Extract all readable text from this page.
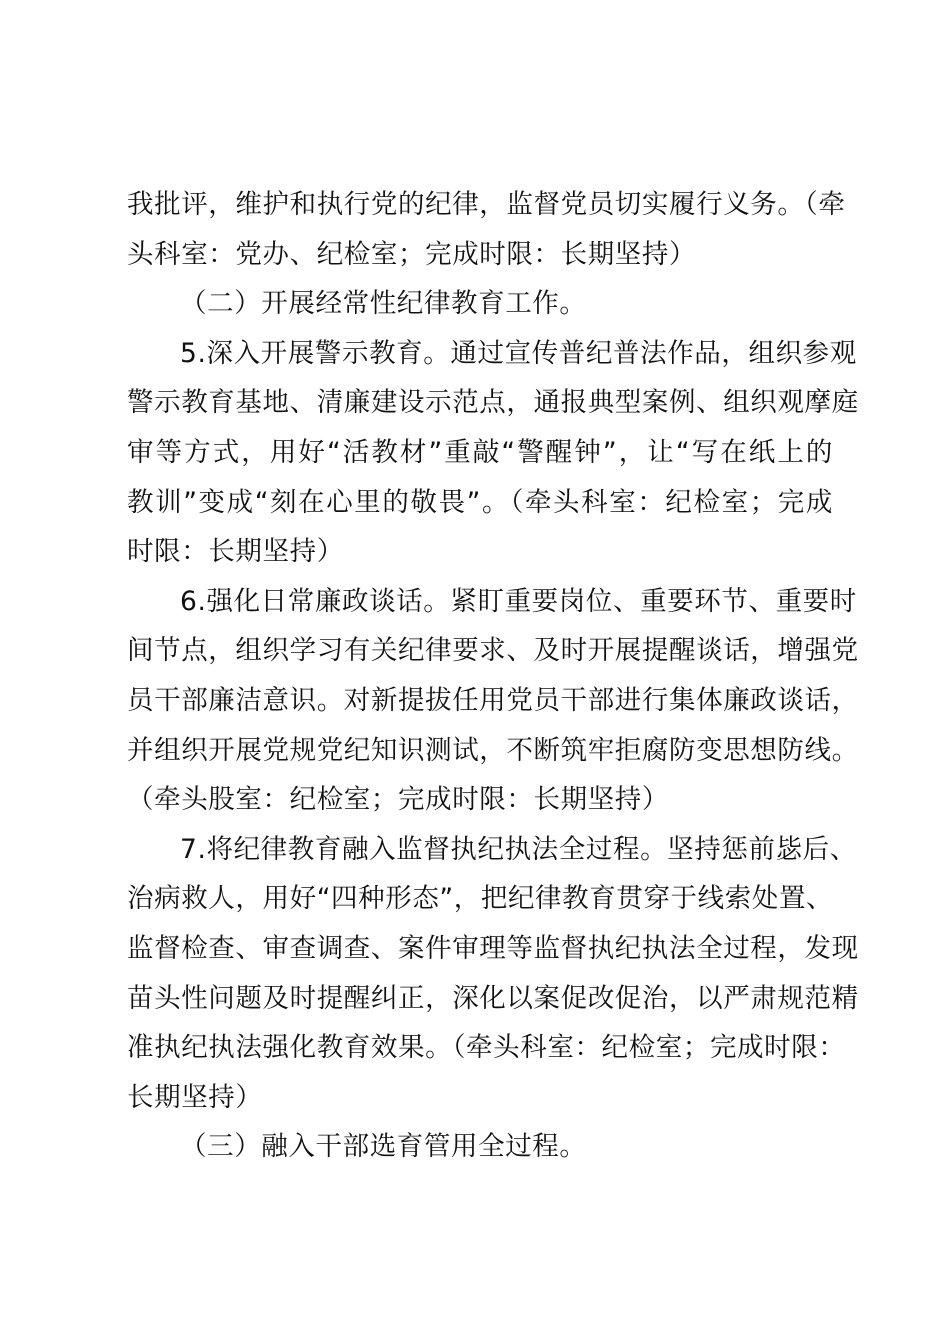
我批评，维护和执行党的纪律，监督党员切实履行义务。（牵
头科室：党办、纪检室；完成时限：长期坚持）
（二）开展经常性纪律教育工作。
5.深入开展警示教育。通过宣传普纪普法作品，组织参观
警示教育基地、清廉建设示范点，通报典型案例、组织观摩庭
审等方式，用好“活教材”重敲“警醒钟”，让“写在纸上的
教训”变成“刻在心里的敬畏”。（牵头科室：纪检室；完成
时限：长期坚持）
6.强化日常廉政谈话。紧盯重要岗位、重要环节、重要时
间节点，组织学习有关纪律要求、及时开展提醒谈话，增强党
员干部廉洁意识。对新提拔任用党员干部进行集体廉政谈话，
并组织开展党规党纪知识测试，不断筑牢拒腐防变思想防线。
（牵头股室：纪检室；完成时限：长期坚持）
7.将纪律教育融入监督执纪执法全过程。坚持惩前毖后、
治病救人，用好“四种形态”，把纪律教育贯穿于线索处置、
监督检查、审查调查、案件审理等监督执纪执法全过程，发现
苗头性问题及时提醒纠正，深化以案促改促治，以严肃规范精
准执纪执法强化教育效果。（牵头科室：纪检室；完成时限：
长期坚持）
（三）融入干部选育管用全过程。
